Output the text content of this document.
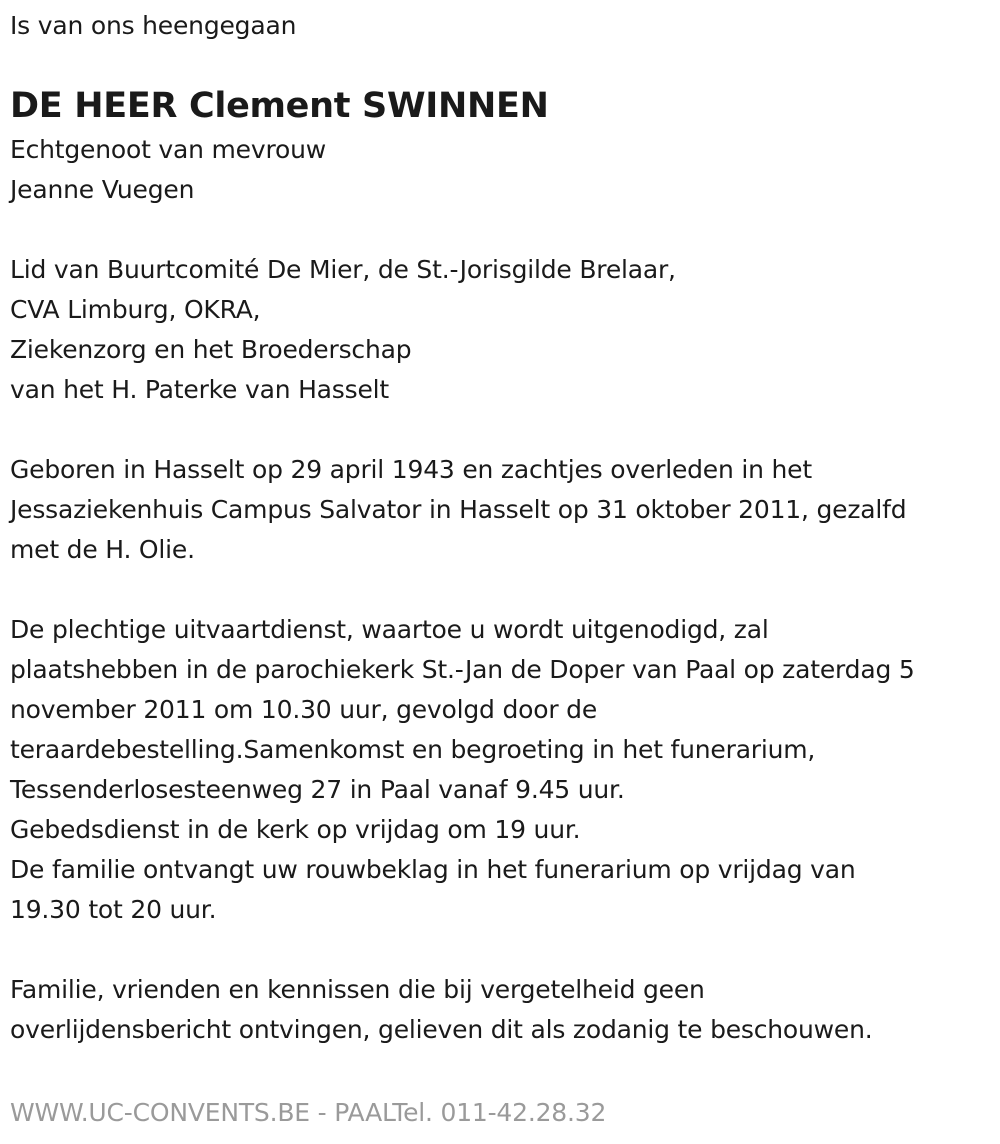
Is van ons heengegaan

DE HEER Clement SWINNEN

Echtgenoot van mevrouw

Jeanne Vuegen

Lid van Buurtcomité De Mier, de St.-Jorisgilde Brelaar,

CVA Limburg, OKRA,

Ziekenzorg en het Broederschap

van het H. Paterke van Hasselt

Geboren in Hasselt op 29 april 1943 en zachtjes overleden in het

Jessaziekenhuis Campus Salvator in Hasselt op 31 oktober 2011, gezalfd

met de H. Olie.

De plechtige uitvaartdienst, waartoe u wordt uitgenodigd, zal

plaatshebben in de parochiekerk St.-Jan de Doper van Paal op zaterdag 5

november 2011 om 10.30 uur, gevolgd door de

teraardebestelling.Samenkomst en begroeting in het funerarium,

Tessenderlosesteenweg 27 in Paal vanaf 9.45 uur.

Gebedsdienst in de kerk op vrijdag om 19 uur.

De familie ontvangt uw rouwbeklag in het funerarium op vrijdag van

19.30 tot 20 uur.

Familie, vrienden en kennissen die bij vergetelheid geen

overlijdensbericht ontvingen, gelieven dit als zodanig te beschouwen.

WWW.UC-CONVENTS.BE - PAALTel. 011-42.28.32
